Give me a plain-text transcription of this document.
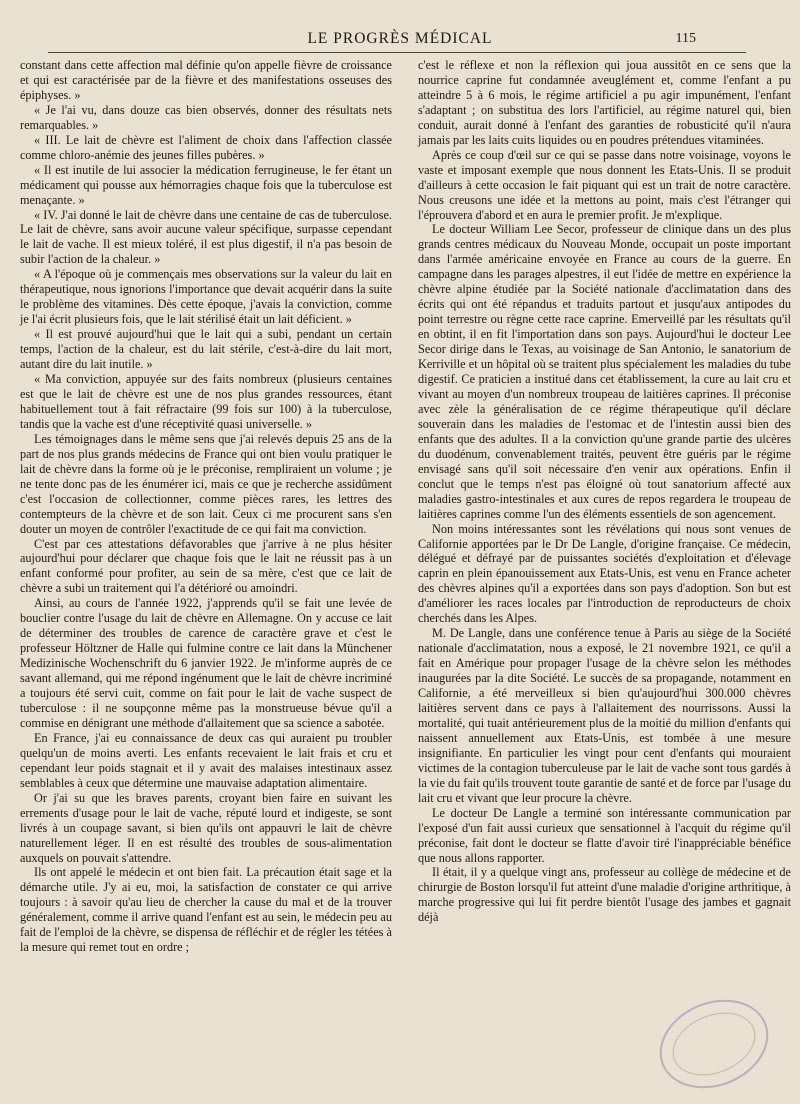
LE PROGRÈS MÉDICAL	115

constant dans cette affection mal définie qu'on appelle fièvre de croissance et qui est caractérisée par de la fièvre et des manifestations osseuses des épiphyses. »

« Je l'ai vu, dans douze cas bien observés, donner des résultats nets remarquables. »

« III. Le lait de chèvre est l'aliment de choix dans l'affection classée comme chloro-anémie des jeunes filles pubères. »

« Il est inutile de lui associer la médication ferrugineuse, le fer étant un médicament qui pousse aux hémorragies chaque fois que la tuberculose est menaçante. »

« IV. J'ai donné le lait de chèvre dans une centaine de cas de tuberculose. Le lait de chèvre, sans avoir aucune valeur spécifique, surpasse cependant le lait de vache. Il est mieux toléré, il est plus digestif, il n'a pas besoin de subir l'action de la chaleur. »

« A l'époque où je commençais mes observations sur la valeur du lait en thérapeutique, nous ignorions l'importance que devait acquérir dans la suite le problème des vitamines. Dès cette époque, j'avais la conviction, comme je l'ai écrit plusieurs fois, que le lait stérilisé était un lait déficient. »

« Il est prouvé aujourd'hui que le lait qui a subi, pendant un certain temps, l'action de la chaleur, est du lait stérile, c'est-à-dire du lait mort, autant dire du lait inutile. »

« Ma conviction, appuyée sur des faits nombreux (plusieurs centaines est que le lait de chèvre est une de nos plus grandes ressources, étant habituellement tout à fait réfractaire (99 fois sur 100) à la tuberculose, tandis que la vache est d'une réceptivité quasi universelle. »

Les témoignages dans le même sens que j'ai relevés depuis 25 ans de la part de nos plus grands médecins de France qui ont bien voulu pratiquer le lait de chèvre dans la forme où je le préconise, rempliraient un volume ; je ne tente donc pas de les énumérer ici, mais ce que je recherche assidûment c'est l'occasion de collectionner, comme pièces rares, les lettres des contempteurs de la chèvre et de son lait. Ceux ci me procurent sans s'en douter un moyen de contrôler l'exactitude de ce qui fait ma conviction.

C'est par ces attestations défavorables que j'arrive à ne plus hésiter aujourd'hui pour déclarer que chaque fois que le lait ne réussit pas à un enfant conformé pour profiter, au sein de sa mère, c'est que ce lait de chèvre a subi un traitement qui l'a détérioré ou amoindri.

Ainsi, au cours de l'année 1922, j'apprends qu'il se fait une levée de bouclier contre l'usage du lait de chèvre en Allemagne. On y accuse ce lait de déterminer des troubles de carence de caractère grave et c'est le professeur Höltzner de Halle qui fulmine contre ce lait dans la Münchener Medizinische Wochenschrift du 6 janvier 1922. Je m'informe auprès de ce savant allemand, qui me répond ingénument que le lait de chèvre incriminé a toujours été servi cuit, comme on fait pour le lait de vache suspect de tuberculose : il ne soupçonne même pas la monstrueuse bévue qu'il a commise en dénigrant une méthode d'allaitement que sa science a sabotée.

En France, j'ai eu connaissance de deux cas qui auraient pu troubler quelqu'un de moins averti. Les enfants recevaient le lait frais et cru et cependant leur poids stagnait et il y avait des malaises intestinaux assez semblables à ceux que détermine une mauvaise adaptation alimentaire.

Or j'ai su que les braves parents, croyant bien faire en suivant les errements d'usage pour le lait de vache, réputé lourd et indigeste, se sont livrés à un coupage savant, si bien qu'ils ont appauvri le lait de chèvre naturellement léger. Il en est résulté des troubles de sous-alimentation auxquels on pouvait s'attendre.

Ils ont appelé le médecin et ont bien fait. La précaution était sage et la démarche utile. J'y ai eu, moi, la satisfaction de constater ce qui arrive toujours : à savoir qu'au lieu de chercher la cause du mal et de la trouver généralement, comme il arrive quand l'enfant est au sein, le médecin peu au fait de l'emploi de la chèvre, se dispensa de réfléchir et de régler les tétées à la mesure qui remet tout en ordre ;

c'est le réflexe et non la réflexion qui joua aussitôt en ce sens que la nourrice caprine fut condamnée aveuglément et, comme l'enfant a pu atteindre 5 à 6 mois, le régime artificiel a pu agir impunément, l'enfant s'adaptant ; on substitua des lors l'artificiel, au régime naturel qui, bien conduit, aurait donné à l'enfant des garanties de robusticité qu'il n'aura jamais par les laits cuits liquides ou en poudres prétendues vitaminées.

Après ce coup d'œil sur ce qui se passe dans notre voisinage, voyons le vaste et imposant exemple que nous donnent les Etats-Unis. Il se produit d'ailleurs à cette occasion le fait piquant qui est un trait de notre caractère. Nous creusons une idée et la mettons au point, mais c'est l'étranger qui l'éprouvera d'abord et en aura le premier profit. Je m'explique.

Le docteur William Lee Secor, professeur de clinique dans un des plus grands centres médicaux du Nouveau Monde, occupait un poste important dans l'armée américaine envoyée en France au cours de la guerre. En campagne dans les parages alpestres, il eut l'idée de mettre en expérience la chèvre alpine étudiée par la Société nationale d'acclimatation dans des écrits qui ont été répandus et traduits partout et jusqu'aux antipodes du point terrestre ou règne cette race caprine. Emerveillé par les résultats qu'il en obtint, il en fit l'importation dans son pays. Aujourd'hui le docteur Lee Secor dirige dans le Texas, au voisinage de San Antonio, le sanatorium de Kerriville et un hôpital où se traitent plus spécialement les maladies du tube digestif. Ce praticien a institué dans cet établissement, la cure au lait cru et vivant au moyen d'un nombreux troupeau de laitières caprines. Il préconise avec zèle la généralisation de ce régime thérapeutique qu'il déclare souverain dans les maladies de l'estomac et de l'intestin aussi bien des enfants que des adultes. Il a la conviction qu'une grande partie des ulcères du duodénum, convenablement traités, peuvent être guéris par le régime envisagé sans qu'il soit nécessaire d'en venir aux opérations. Enfin il conclut que le temps n'est pas éloigné où tout sanatorium affecté aux maladies gastro-intestinales et aux cures de repos regardera le troupeau de laitières caprines comme l'un des éléments essentiels de son agencement.

Non moins intéressantes sont les révélations qui nous sont venues de Californie apportées par le Dr De Langle, d'origine française. Ce médecin, délégué et défrayé par de puissantes sociétés d'exploitation et d'élevage caprin en plein épanouissement aux Etats-Unis, est venu en France acheter des chèvres alpines qu'il a exportées dans son pays d'adoption. Son but est d'améliorer les races locales par l'introduction de reproducteurs de choix cherchés dans les Alpes.

M. De Langle, dans une conférence tenue à Paris au siège de la Société nationale d'acclimatation, nous a exposé, le 21 novembre 1921, ce qu'il a fait en Amérique pour propager l'usage de la chèvre selon les méthodes inaugurées par la dite Société. Le succès de sa propagande, notamment en Californie, a été merveilleux si bien qu'aujourd'hui 300.000 chèvres laitières servent dans ce pays à l'allaitement des nourrissons. Aussi la mortalité, qui tuait antérieurement plus de la moitié du million d'enfants qui naissent annuellement aux Etats-Unis, est tombée à une mesure insignifiante. En particulier les vingt pour cent d'enfants qui mouraient victimes de la contagion tuberculeuse par le lait de vache sont tous gardés à la vie du fait qu'ils trouvent toute garantie de santé et de force par l'usage du lait cru et vivant que leur procure la chèvre.

Le docteur De Langle a terminé son intéressante communication par l'exposé d'un fait aussi curieux que sensationnel à l'acquit du régime qu'il préconise, fait dont le docteur se flatte d'avoir tiré l'inappréciable bénéfice que nous allons rapporter.

Il était, il y a quelque vingt ans, professeur au collège de médecine et de chirurgie de Boston lorsqu'il fut atteint d'une maladie d'origine arthritique, à marche progressive qui lui fit perdre bientôt l'usage des jambes et gagnait déjà
